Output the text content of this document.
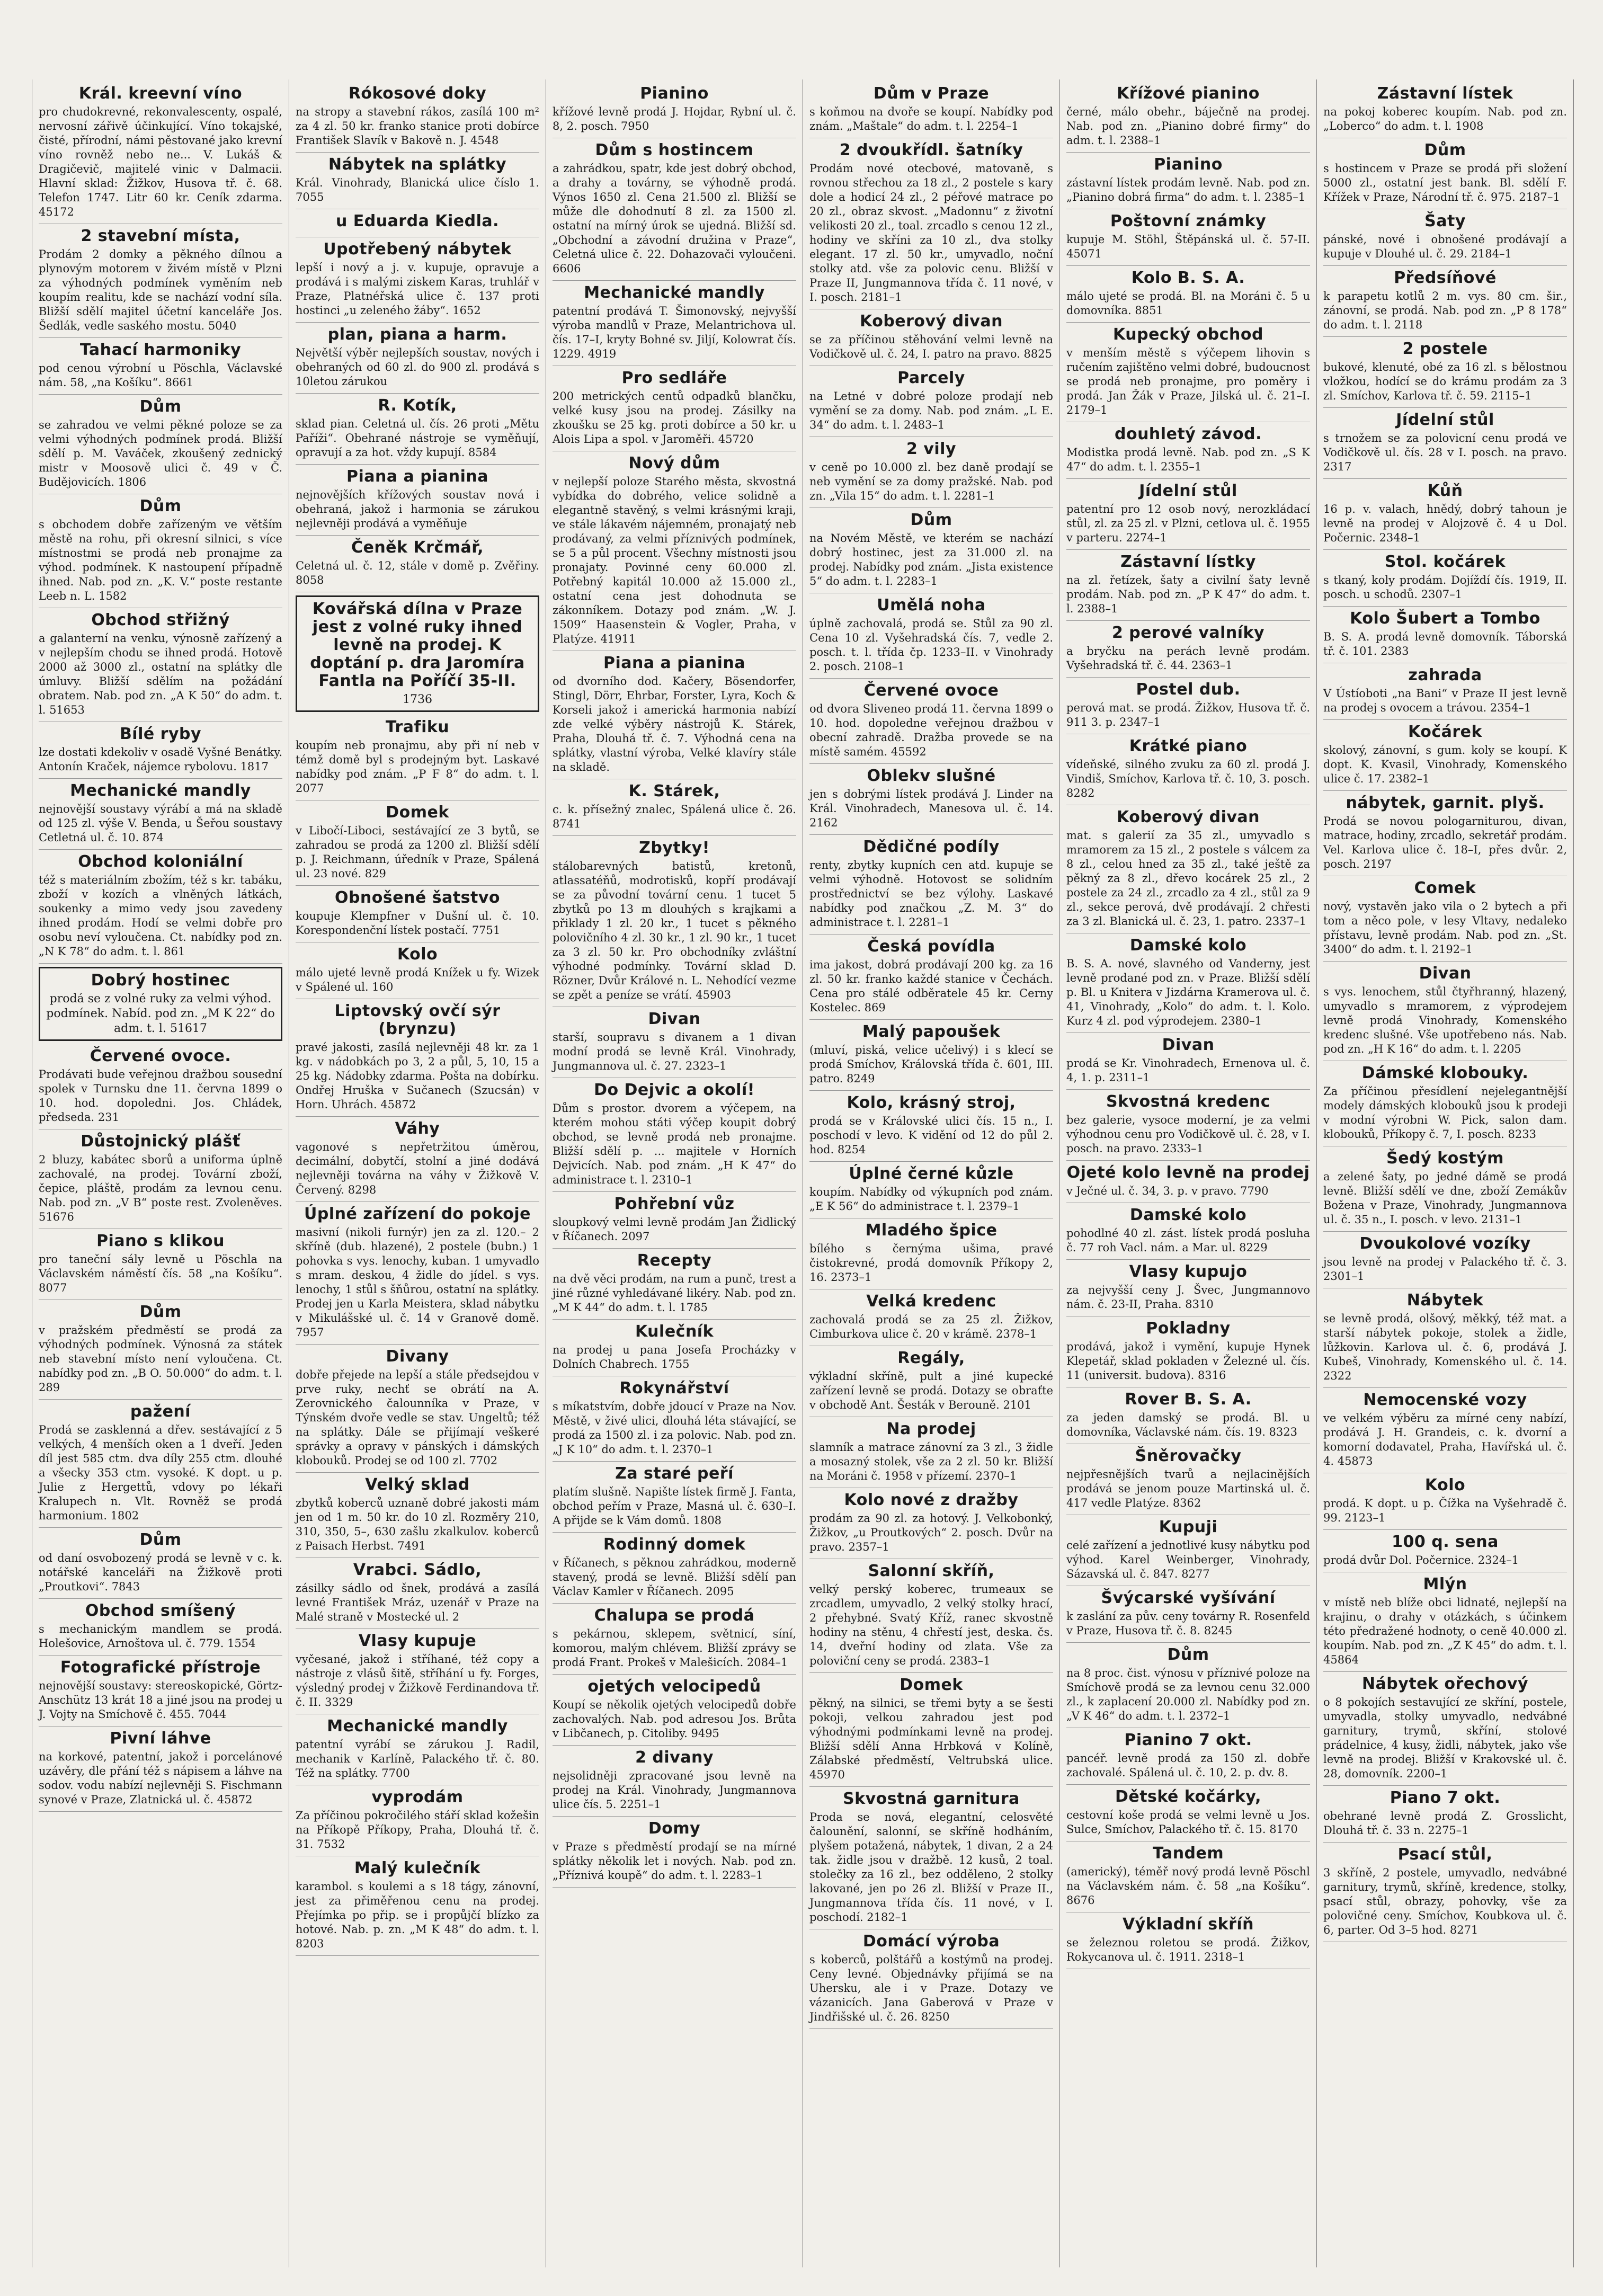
Král. kreevní víno

pro chudokrevné, rekonvalescenty, ospalé, nervosní zářivě účinkující. Víno tokajské, čisté, přírodní, námi pěstované jako krevní víno rovněž nebo ne... V. Lukáš & Dragičevič, majitelé vinic v Dalmacii. Hlavní sklad: Žižkov, Husova tř. č. 68. Telefon 1747. Litr 60 kr. Ceník zdarma. 45172

2 stavební místa,

Prodám 2 domky a pěkného dílnou a plynovým motorem v živém místě v Plzni za výhodných podmínek vyměním neb koupím realitu, kde se nachází vodní síla. Bližší sdělí majitel účetní kanceláře Jos. Šedlák, vedle saského mostu. 5040

Tahací harmoniky

pod cenou výrobní u Pöschla, Václavské nám. 58, „na Košíku“. 8661

Dům

se zahradou ve velmi pěkné poloze se za velmi výhodných podmínek prodá. Bližší sdělí p. M. Vaváček, zkoušený zednický mistr v Moosově ulici č. 49 v Č. Budějovicích. 1806

Dům

s obchodem dobře zařízeným ve větším městě na rohu, při okresní silnici, s více místnostmi se prodá neb pronajme za výhod. podmínek. K nastoupení případně ihned. Nab. pod zn. „K. V.“ poste restante Leeb n. L. 1582

Obchod střižný

a galanterní na venku, výnosně zařízený a v nejlepším chodu se ihned prodá. Hotově 2000 až 3000 zl., ostatní na splátky dle úmluvy. Bližší sdělím na požádání obratem. Nab. pod zn. „A K 50“ do adm. t. l. 51653

Bílé ryby

lze dostati kdekoliv v osadě Vyšné Benátky. Antonín Kraček, nájemce rybolovu. 1817

Mechanické mandly

nejnovější soustavy výrábí a má na skladě od 125 zl. výše V. Benda, u Šeřou soustavy Cetletná ul. č. 10. 874

Obchod koloniální

též s materiálním zbožím, též s kr. tabáku, zboží v kozích a vlněných látkách, soukenky a mimo vedy jsou zavedeny ihned prodám. Hodí se velmi dobře pro osobu neví vyloučena. Ct. nabídky pod zn. „N K 78“ do adm. t. l. 861

Dobrý hostinec

prodá se z volné ruky za velmi výhod. podmínek. Nabíd. pod zn. „M K 22“ do adm. t. l. 51617

Červené ovoce.

Prodávati bude veřejnou dražbou sousední spolek v Turnsku dne 11. června 1899 o 10. hod. dopoledni. Jos. Chládek, předseda. 231

Důstojnický plášť

2 bluzy, kabátec sborů a uniforma úplně zachovalé, na prodej. Tovární zboží, čepice, pláště, prodám za levnou cenu. Nab. pod zn. „V B“ poste rest. Zvoleněves. 51676

Piano s klikou

pro taneční sály levně u Pöschla na Václavském náměstí čís. 58 „na Košíku“. 8077

Dům

v pražském předměstí se prodá za výhodných podmínek. Výnosná za státek neb stavební místo není vyloučena. Ct. nabídky pod zn. „B O. 50.000“ do adm. t. l. 289

pažení

Prodá se zasklenná a dřev. sestávající z 5 velkých, 4 menších oken a 1 dveří. Jeden díl jest 585 ctm. dva díly 255 ctm. dlouhé a všecky 353 ctm. vysoké. K dopt. u p. Julie z Hergettů, vdovy po lékaři Kralupech n. Vlt. Rovněž se prodá harmonium. 1802

Dům

od daní osvobozený prodá se levně v c. k. notářské kanceláři na Žižkově proti „Proutkovi“. 7843

Obchod smíšený

s mechanickým mandlem se prodá. Holešovice, Arnoštova ul. č. 779. 1554

Fotografické přístroje

nejnovější soustavy: stereoskopické, Görtz-Anschütz 13 krát 18 a jiné jsou na prodej u J. Vojty na Smíchově č. 455. 7044

Pivní láhve

na korkové, patentní, jakož i porcelánové uzávěry, dle přání též s nápisem a láhve na sodov. vodu nabízí nejlevněji S. Fischmann synové v Praze, Zlatnická ul. č. 45872

Rókosové doky

na stropy a stavební rákos, zasílá 100 m² za 4 zl. 50 kr. franko stanice proti dobírce František Slavík v Bakově n. J. 4548

Nábytek na splátky

Král. Vinohrady, Blanická ulice číslo 1. 7055

u Eduarda Kiedla.
Upotřebený nábytek

lepší i nový a j. v. kupuje, opravuje a prodává i s malými ziskem Karas, truhlář v Praze, Platnéřská ulice č. 137 proti hostinci „u zeleného žáby“. 1652

plan, piana a harm.

Největší výběr nejlepších soustav, nových i obehraných od 60 zl. do 900 zl. prodává s 10letou zárukou

R. Kotík,

sklad pian. Celetná ul. čís. 26 proti „Mětu Paříži“. Obehrané nástroje se vyměňují, opravují a za hot. vždy kupují. 8584

Piana a pianina

nejnovějších křížových soustav nová i obehraná, jakož i harmonia se zárukou nejlevněji prodává a vyměňuje

Čeněk Krčmář,

Celetná ul. č. 12, stále v domě p. Zvěřiny. 8058

Kovářská dílna v Praze jest z volné ruky ihned levně na prodej. K doptání p. dra Jaromíra Fantla na Poříčí 35-II.

1736

Trafiku

koupím neb pronajmu, aby při ní neb v témž domě byl s prodejným byt. Laskavé nabídky pod znám. „P F 8“ do adm. t. l. 2077

Domek

v Libočí-Liboci, sestávající ze 3 bytů, se zahradou se prodá za 1200 zl. Bližší sdělí p. J. Reichmann, úředník v Praze, Spálená ul. 23 nové. 829

Obnošené šatstvo

koupuje Klempfner v Dušní ul. č. 10. Korespondenční lístek postačí. 7751

Kolo

málo ujeté levně prodá Knížek u fy. Wizek v Spálené ul. 160

Liptovský ovčí sýr (brynzu)

pravé jakosti, zasílá nejlevněji 48 kr. za 1 kg. v nádobkách po 3, 2 a půl, 5, 10, 15 a 25 kg. Nádobky zdarma. Pošta na dobírku. Ondřej Hruška v Sučanech (Szucsán) v Horn. Uhrách. 45872

Váhy

vagonové s nepřetržitou úměrou, decimální, dobytčí, stolní a jiné dodává nejlevněji továrna na váhy v Žižkově V. Červený. 8298

Úplné zařízení do pokoje

masivní (nikoli furnýr) jen za zl. 120.– 2 skříně (dub. hlazené), 2 postele (bubn.) 1 pohovka s vys. lenochy, kuban. 1 umyvadlo s mram. deskou, 4 židle do jídel. s vys. lenochy, 1 stůl s šňůrou, ostatní na splátky. Prodej jen u Karla Meistera, sklad nábytku v Mikulášské ul. č. 14 v Granově domě. 7957

Divany

dobře přejede na lepší a stále předsejdou v prve ruky, nechť se obrátí na A. Zerovnického čalounníka v Praze, v Týnském dvoře vedle se stav. Ungeltů; též na splátky. Dále se přijímají veškeré správky a opravy v pánských i dámských klobouků. Prodej se od 100 zl. 7702

Velký sklad

zbytků koberců uznaně dobré jakosti mám jen od 1 m. 50 kr. do 10 zl. Rozměry 210, 310, 350, 5–, 630 zašlu zkalkulov. koberců z Paisach Herbst. 7491

Vrabci. Sádlo,

zásilky sádlo od šnek, prodává a zasílá levné František Mráz, uzenář v Praze na Malé straně v Mostecké ul. 2

Vlasy kupuje

vyčesané, jakož i stříhané, též copy a nástroje z vlásů šitě, stříhání u fy. Forges, výsledný prodej v Žižkově Ferdinandova tř. č. II. 3329

Mechanické mandly

patentní vyrábí se zárukou J. Radil, mechanik v Karlíně, Palackého tř. č. 80. Též na splátky. 7700

vyprodám

Za příčinou pokročilého stáří sklad kožešin na Příkopě Příkopy, Praha, Dlouhá tř. č. 31. 7532

Malý kulečník

karambol. s koulemi a s 18 tágy, zánovní, jest za přiměřenou cenu na prodej. Přejímka po přip. se i propůjčí blízko za hotové. Nab. p. zn. „M K 48“ do adm. t. l. 8203

Pianino

křížové levně prodá J. Hojdar, Rybní ul. č. 8, 2. posch. 7950

Dům s hostincem

a zahrádkou, spatr, kde jest dobrý obchod, a drahy a továrny, se výhodně prodá. Výnos 1650 zl. Cena 21.500 zl. Bližší se může dle dohodnutí 8 zl. za 1500 zl. ostatní na mírný úrok se ujedná. Bližší sd. „Obchodní a závodní družina v Praze“, Celetná ulice č. 22. Dohazovači vyloučeni. 6606

Mechanické mandly

patentní prodává T. Šimonovský, nejvyšší výroba mandlů v Praze, Melantrichova ul. čís. 17–I, kryty Bohné sv. Jiljí, Kolowrat čís. 1229. 4919

Pro sedláře

200 metrických centů odpadků blančku, velké kusy jsou na prodej. Zásilky na zkoušku se 25 kg. proti dobírce a 50 kr. u Alois Lipa a spol. v Jaroměři. 45720

Nový dům

v nejlepší poloze Starého města, skvostná vybídka do dobrého, velice solidně a elegantně stavěný, s velmi krásnými kraji, ve stále lákavém nájemném, pronajatý neb prodávaný, za velmi příznivých podmínek, se 5 a půl procent. Všechny místnosti jsou pronajaty. Povinné ceny 60.000 zl. Potřebný kapitál 10.000 až 15.000 zl., ostatní cena jest dohodnuta se zákonníkem. Dotazy pod znám. „W. J. 1509“ Haasenstein & Vogler, Praha, v Platýze. 41911

Piana a pianina

od dvorního dod. Kačery, Bösendorfer, Stingl, Dörr, Ehrbar, Forster, Lyra, Koch & Korseli jakož i americká harmonia nabízí zde velké výběry nástrojů K. Stárek, Praha, Dlouhá tř. č. 7. Výhodná cena na splátky, vlastní výroba, Velké klavíry stále na skladě.

K. Stárek,

c. k. přísežný znalec, Spálená ulice č. 26. 8741

Zbytky!

stálobarevných batistů, kretonů, atlassatéňů, modrotisků, kopří prodávají se za původní tovární cenu. 1 tucet 5 zbytků po 13 m dlouhých s krajkami a přiklady 1 zl. 20 kr., 1 tucet s pěkného polovičního 4 zl. 30 kr., 1 zl. 90 kr., 1 tucet za 3 zl. 50 kr. Pro obchodníky zvláštní výhodné podmínky. Tovární sklad D. Rözner, Dvůr Králové n. L. Nehodící vezme se zpět a peníze se vrátí. 45903

Divan

starší, soupravu s divanem a 1 divan modní prodá se levně Král. Vinohrady, Jungmannova ul. č. 27. 2323–1

Do Dejvic a okolí!

Dům s prostor. dvorem a výčepem, na kterém mohou státi výčep koupit dobrý obchod, se levně prodá neb pronajme. Bližší sdělí p. ... majitele v Horních Dejvicích. Nab. pod znám. „H K 47“ do administrace t. l. 2310–1

Pohřební vůz

sloupkový velmi levně prodám Jan Židlický v Říčanech. 2097

Recepty

na dvě věci prodám, na rum a punč, trest a jiné různé vyhledávané likéry. Nab. pod zn. „M K 44“ do adm. t. l. 1785

Kulečník

na prodej u pana Josefa Procházky v Dolních Chabrech. 1755

Rokynářství

s míkatstvím, dobře jdoucí v Praze na Nov. Městě, v živé ulici, dlouhá léta stávající, se prodá za 1500 zl. i za polovic. Nab. pod zn. „J K 10“ do adm. t. l. 2370–1

Za staré peří

platím slušně. Napište lístek firmě J. Fanta, obchod peřím v Praze, Masná ul. č. 630–I. A přijde se k Vám domů. 1808

Rodinný domek

v Říčanech, s pěknou zahrádkou, moderně stavený, prodá se levně. Bližší sdělí pan Václav Kamler v Říčanech. 2095

Chalupa se prodá

s pekárnou, sklepem, světnicí, síní, komorou, malým chlévem. Bližší zprávy se prodá Frant. Prokeš v Malešicích. 2084–1

ojetých velocipedů

Koupí se několik ojetých velocipedů dobře zachovalých. Nab. pod adresou Jos. Brůta v Libčanech, p. Citoliby. 9495

2 divany

nejsolidněji zpracované jsou levně na prodej na Král. Vinohrady, Jungmannova ulice čís. 5. 2251–1

Domy

v Praze s předměstí prodají se na mírné splátky několik let i nových. Nab. pod zn. „Příznivá koupě“ do adm. t. l. 2283–1

Dům v Praze

s koňmou na dvoře se koupí. Nabídky pod znám. „Maštale“ do adm. t. l. 2254–1

2 dvoukřídl. šatníky

Prodám nové otecbové, matovaně, s rovnou střechou za 18 zl., 2 postele s kary dole a hodicí 24 zl., 2 péřové matrace po 20 zl., obraz skvost. „Madonnu“ z životní velikosti 20 zl., toal. zrcadlo s cenou 12 zl., hodiny ve skříni za 10 zl., dva stolky elegant. 17 zl. 50 kr., umyvadlo, noční stolky atd. vše za polovic cenu. Bližší v Praze II, Jungmannova třída č. 11 nové, v I. posch. 2181–1

Koberový divan

se za příčinou stěhování velmi levně na Vodičkově ul. č. 24, I. patro na pravo. 8825

Parcely

na Letné v dobré poloze prodají neb vymění se za domy. Nab. pod znám. „L E. 34“ do adm. t. l. 2483–1

2 vily

v ceně po 10.000 zl. bez daně prodají se neb vymění se za domy pražské. Nab. pod zn. „Vila 15“ do adm. t. l. 2281–1

Dům

na Novém Městě, ve kterém se nachází dobrý hostinec, jest za 31.000 zl. na prodej. Nabídky pod znám. „Jista existence 5“ do adm. t. l. 2283–1

Umělá noha

úplně zachovalá, prodá se. Stůl za 90 zl. Cena 10 zl. Vyšehradská čís. 7, vedle 2. posch. t. l. třída čp. 1233–II. v Vinohrady 2. posch. 2108–1

Červené ovoce

od dvora Sliveneo prodá 11. června 1899 o 10. hod. dopoledne veřejnou dražbou v obecní zahradě. Dražba provede se na místě samém. 45592

Oblekv slušné

jen s dobrými lístek prodává J. Linder na Král. Vinohradech, Manesova ul. č. 14. 2162

Dědičné podíly

renty, zbytky kupních cen atd. kupuje se velmi výhodně. Hotovost se solidním prostřednictví se bez výlohy. Laskavé nabídky pod značkou „Z. M. 3“ do administrace t. l. 2281–1

Česká povídla

ima jakost, dobrá prodávají 200 kg. za 16 zl. 50 kr. franko každé stanice v Čechách. Cena pro stálé odběratele 45 kr. Cerny Kostelec. 869

Malý papoušek

(mluví, piská, velice učelivý) i s klecí se prodá Smíchov, Královská třída č. 601, III. patro. 8249

Kolo, krásný stroj,

prodá se v Královské ulici čís. 15 n., I. poschodí v levo. K vidění od 12 do půl 2. hod. 8254

Úplné černé kůzle

koupím. Nabídky od výkupních pod znám. „E K 56“ do administrace t. l. 2379–1

Mladého špice

bílého s černýma ušima, pravé čistokrevné, prodá domovník Příkopy 2, 16. 2373–1

Velká kredenc

zachovalá prodá se za 25 zl. Žižkov, Cimburkova ulice č. 20 v krámě. 2378–1

Regály,

výkladní skříně, pult a jiné kupecké zařízení levně se prodá. Dotazy se obraťte v obchodě Ant. Šesták v Berouně. 2101

Na prodej

slamník a matrace zánovní za 3 zl., 3 židle a mosazný stolek, vše za 2 zl. 50 kr. Bližší na Moráni č. 1958 v přízemí. 2370–1

Kolo nové z dražby

prodám za 90 zl. za hotový. J. Velkobonký, Žižkov, „u Proutkových“ 2. posch. Dvůr na pravo. 2357–1

Salonní skříň,

velký perský koberec, trumeaux se zrcadlem, umyvadlo, 2 velký stolky hrací, 2 přehybné. Svatý Kříž, ranec skvostně hodiny na stěnu, 4 chřestí jest, deska. čs. 14, dveřní hodiny od zlata. Vše za poloviční ceny se prodá. 2383–1

Domek

pěkný, na silnici, se třemi byty a se šesti pokoji, velkou zahradou jest pod výhodnými podmínkami levně na prodej. Bližší sdělí Anna Hrbková v Kolíně, Zálabské předměstí, Veltrubská ulice. 45970

Skvostná garnitura

Proda se nová, elegantní, celosvěté čalounění, salonní, se skříně hodháním, plyšem potažená, nábytek, 1 divan, 2 a 24 tak. židle jsou v dražbě. 12 kusů, 2 toal. stolečky za 16 zl., bez odděleno, 2 stolky lakované, jen po 26 zl. Bližší v Praze II., Jungmannova třída čís. 11 nové, v I. poschodí. 2182–1

Domácí výroba

s koberců, polštářů a kostýmů na prodej. Ceny levné. Objednávky přijímá se na Uhersku, ale i v Praze. Dotazy ve vázanicích. Jana Gaberová v Praze v Jindřišské ul. č. 26. 8250

Křížové pianino

černé, málo obehr., báječně na prodej. Nab. pod zn. „Pianino dobré firmy“ do adm. t. l. 2388–1

Pianino

zástavní lístek prodám levně. Nab. pod zn. „Pianino dobrá firma“ do adm. t. l. 2385–1

Poštovní známky

kupuje M. Stöhl, Štěpánská ul. č. 57-II. 45071

Kolo B. S. A.

málo ujeté se prodá. Bl. na Moráni č. 5 u domovníka. 8851

Kupecký obchod

v menším městě s výčepem lihovin s ručením zajištěno velmi dobré, budoucnost se prodá neb pronajme, pro poměry i prodá. Jan Žák v Praze, Jilská ul. č. 21–I. 2179–1

douhletý závod.

Modistka prodá levně. Nab. pod zn. „S K 47“ do adm. t. l. 2355–1

Jídelní stůl

patentní pro 12 osob nový, nerozkládací stůl, zl. za 25 zl. v Plzni, cetlova ul. č. 1955 v parteru. 2274–1

Zástavní lístky

na zl. řetízek, šaty a civilní šaty levně prodám. Nab. pod zn. „P K 47“ do adm. t. l. 2388–1

2 perové valníky

a bryčku na perách levně prodám. Vyšehradská tř. č. 44. 2363–1

Postel dub.

perová mat. se prodá. Žižkov, Husova tř. č. 911 3. p. 2347–1

Krátké piano

vídeňské, silného zvuku za 60 zl. prodá J. Vindiš, Smíchov, Karlova tř. č. 10, 3. posch. 8282

Koberový divan

mat. s galerií za 35 zl., umyvadlo s mramorem za 15 zl., 2 postele s válcem za 8 zl., celou hned za 35 zl., také ještě za pěkný za 8 zl., dřevo kocárek 25 zl., 2 postele za 24 zl., zrcadlo za 4 zl., stůl za 9 zl., sekce perová, dvě prodávají. 2 chřesti za 3 zl. Blanická ul. č. 23, 1. patro. 2337–1

Damské kolo

B. S. A. nové, slavného od Vanderny, jest levně prodané pod zn. v Praze. Bližší sdělí p. Bl. u Knitera v Jizdárna Kramerova ul. č. 41, Vinohrady, „Kolo“ do adm. t. l. Kolo. Kurz 4 zl. pod výprodejem. 2380–1

Divan

prodá se Kr. Vinohradech, Ernenova ul. č. 4, 1. p. 2311–1

Skvostná kredenc

bez galerie, vysoce moderní, je za velmi výhodnou cenu pro Vodičkově ul. č. 28, v I. posch. na pravo. 2333–1

Ojeté kolo levně na prodej

v Ječné ul. č. 34, 3. p. v pravo. 7790

Damské kolo

pohodlné 40 zl. zást. lístek prodá posluha č. 77 roh Vacl. nám. a Mar. ul. 8229

Vlasy kupujo

za nejvyšší ceny J. Švec, Jungmannovo nám. č. 23-II, Praha. 8310

Pokladny

prodává, jakož i vymění, kupuje Hynek Klepetář, sklad pokladen v Železné ul. čís. 11 (universit. budova). 8316

Rover B. S. A.

za jeden damský se prodá. Bl. u domovníka, Václavské nám. čís. 19. 8323

Šněrovačky

nejpřesnějších tvarů a nejlacinějších prodává se jenom pouze Martinská ul. č. 417 vedle Platýze. 8362

Kupuji

celé zařízení a jednotlivé kusy nábytku pod výhod. Karel Weinberger, Vinohrady, Sázavská ul. č. 847. 8277

Švýcarské vyšívání

k zaslání za pův. ceny továrny R. Rosenfeld v Praze, Husova tř. č. 8. 8245

Dům

na 8 proc. čist. výnosu v příznivé poloze na Smíchově prodá se za levnou cenu 32.000 zl., k zaplacení 20.000 zl. Nabídky pod zn. „V K 46“ do adm. t. l. 2372–1

Pianino 7 okt.

pancéř. levně prodá za 150 zl. dobře zachovalé. Spálená ul. č. 10, 2. p. dv. 8.

Dětské kočárky,

cestovní koše prodá se velmi levně u Jos. Sulce, Smíchov, Palackého tř. č. 15. 8170

Tandem

(americký), téměř nový prodá levně Pöschl na Václavském nám. č. 58 „na Košíku“. 8676

Výkladní skříň

se železnou roletou se prodá. Žižkov, Rokycanova ul. č. 1911. 2318–1

Zástavní lístek

na pokoj koberec koupím. Nab. pod zn. „Loberco“ do adm. t. l. 1908

Dům

s hostincem v Praze se prodá při složení 5000 zl., ostatní jest bank. Bl. sdělí F. Křížek v Praze, Národní tř. č. 975. 2187–1

Šaty

pánské, nové i obnošené prodávají a kupuje v Dlouhé ul. č. 29. 2184–1

Předsíňové

k parapetu kotlů 2 m. vys. 80 cm. šir., zánovní, se prodá. Nab. pod zn. „P 8 178“ do adm. t. l. 2118

2 postele

bukové, klenuté, obé za 16 zl. s bělostnou vložkou, hodící se do krámu prodám za 3 zl. Smíchov, Karlova tř. č. 59. 2115–1

Jídelní stůl

s trnožem se za polovicní cenu prodá ve Vodičkově ul. čís. 28 v I. posch. na pravo. 2317

Kůň

16 p. v. valach, hnědý, dobrý tahoun je levně na prodej v Alojzově č. 4 u Dol. Počernic. 2348–1

Stol. kočárek

s tkaný, koly prodám. Dojíždí čís. 1919, II. posch. u schodů. 2307–1

Kolo Šubert a Tombo

B. S. A. prodá levně domovník. Táborská tř. č. 101. 2383

zahrada

V Ústíoboti „na Bani“ v Praze II jest levně na prodej s ovocem a trávou. 2354–1

Kočárek

skolový, zánovní, s gum. koly se koupí. K dopt. K. Kvasil, Vinohrady, Komenského ulice č. 17. 2382–1

nábytek, garnit. plyš.

Prodá se novou pologarniturou, divan, matrace, hodiny, zrcadlo, sekretář prodám. Vel. Karlova ulice č. 18–I, přes dvůr. 2, posch. 2197

Comek

nový, vystavěn jako vila o 2 bytech a při tom a něco pole, v lesy Vltavy, nedaleko přístavu, levně prodám. Nab. pod zn. „St. 3400“ do adm. t. l. 2192–1

Divan

s vys. lenochem, stůl čtyřhranný, hlazený, umyvadlo s mramorem, z výprodejem levně prodá Vinohrady, Komenského kredenc slušné. Vše upotřebeno nás. Nab. pod zn. „H K 16“ do adm. t. l. 2205

Dámské klobouky.

Za příčinou přesídlení nejelegantnější modely dámských klobouků jsou k prodeji v modní výrobni W. Pick, salon dam. klobouků, Příkopy č. 7, I. posch. 8233

Šedý kostým

a zelené šaty, po jedné dámě se prodá levně. Bližší sdělí ve dne, zboží Zemákův Božena v Praze, Vinohrady, Jungmannova ul. č. 35 n., I. posch. v levo. 2131–1

Dvoukolové vozíky

jsou levně na prodej v Palackého tř. č. 3. 2301–1

Nábytek

se levně prodá, olšový, měkký, též mat. a starší nábytek pokoje, stolek a židle, lůžkovin. Karlova ul. č. 6, prodává J. Kubeš, Vinohrady, Komenského ul. č. 14. 2322

Nemocenské vozy

ve velkém výběru za mírné ceny nabízí, prodává J. H. Grandeis, c. k. dvorní a komorní dodavatel, Praha, Havířská ul. č. 4. 45873

Kolo

prodá. K dopt. u p. Čížka na Vyšehradě č. 99. 2123–1

100 q. sena

prodá dvůr Dol. Počernice. 2324–1

Mlýn

v místě neb blíže obci lidnaté, nejlepší na krajinu, o drahy v otázkách, s účinkem této předražené hodnoty, o ceně 40.000 zl. koupím. Nab. pod zn. „Z K 45“ do adm. t. l. 45864

Nábytek ořechový

o 8 pokojích sestavující ze skříní, postele, umyvadla, stolky umyvadlo, nedvábné garnitury, trymů, skříní, stolové prádelnice, 4 kusy, židli, nábytek, jako vše levně na prodej. Bližší v Krakovské ul. č. 28, domovník. 2200–1

Piano 7 okt.

obehrané levně prodá Z. Grosslicht, Dlouhá tř. č. 33 n. 2275–1

Psací stůl,

3 skříně, 2 postele, umyvadlo, nedvábné garnitury, trymů, skříně, kredence, stolky, psací stůl, obrazy, pohovky, vše za polovičné ceny. Smíchov, Koubkova ul. č. 6, parter. Od 3–5 hod. 8271
